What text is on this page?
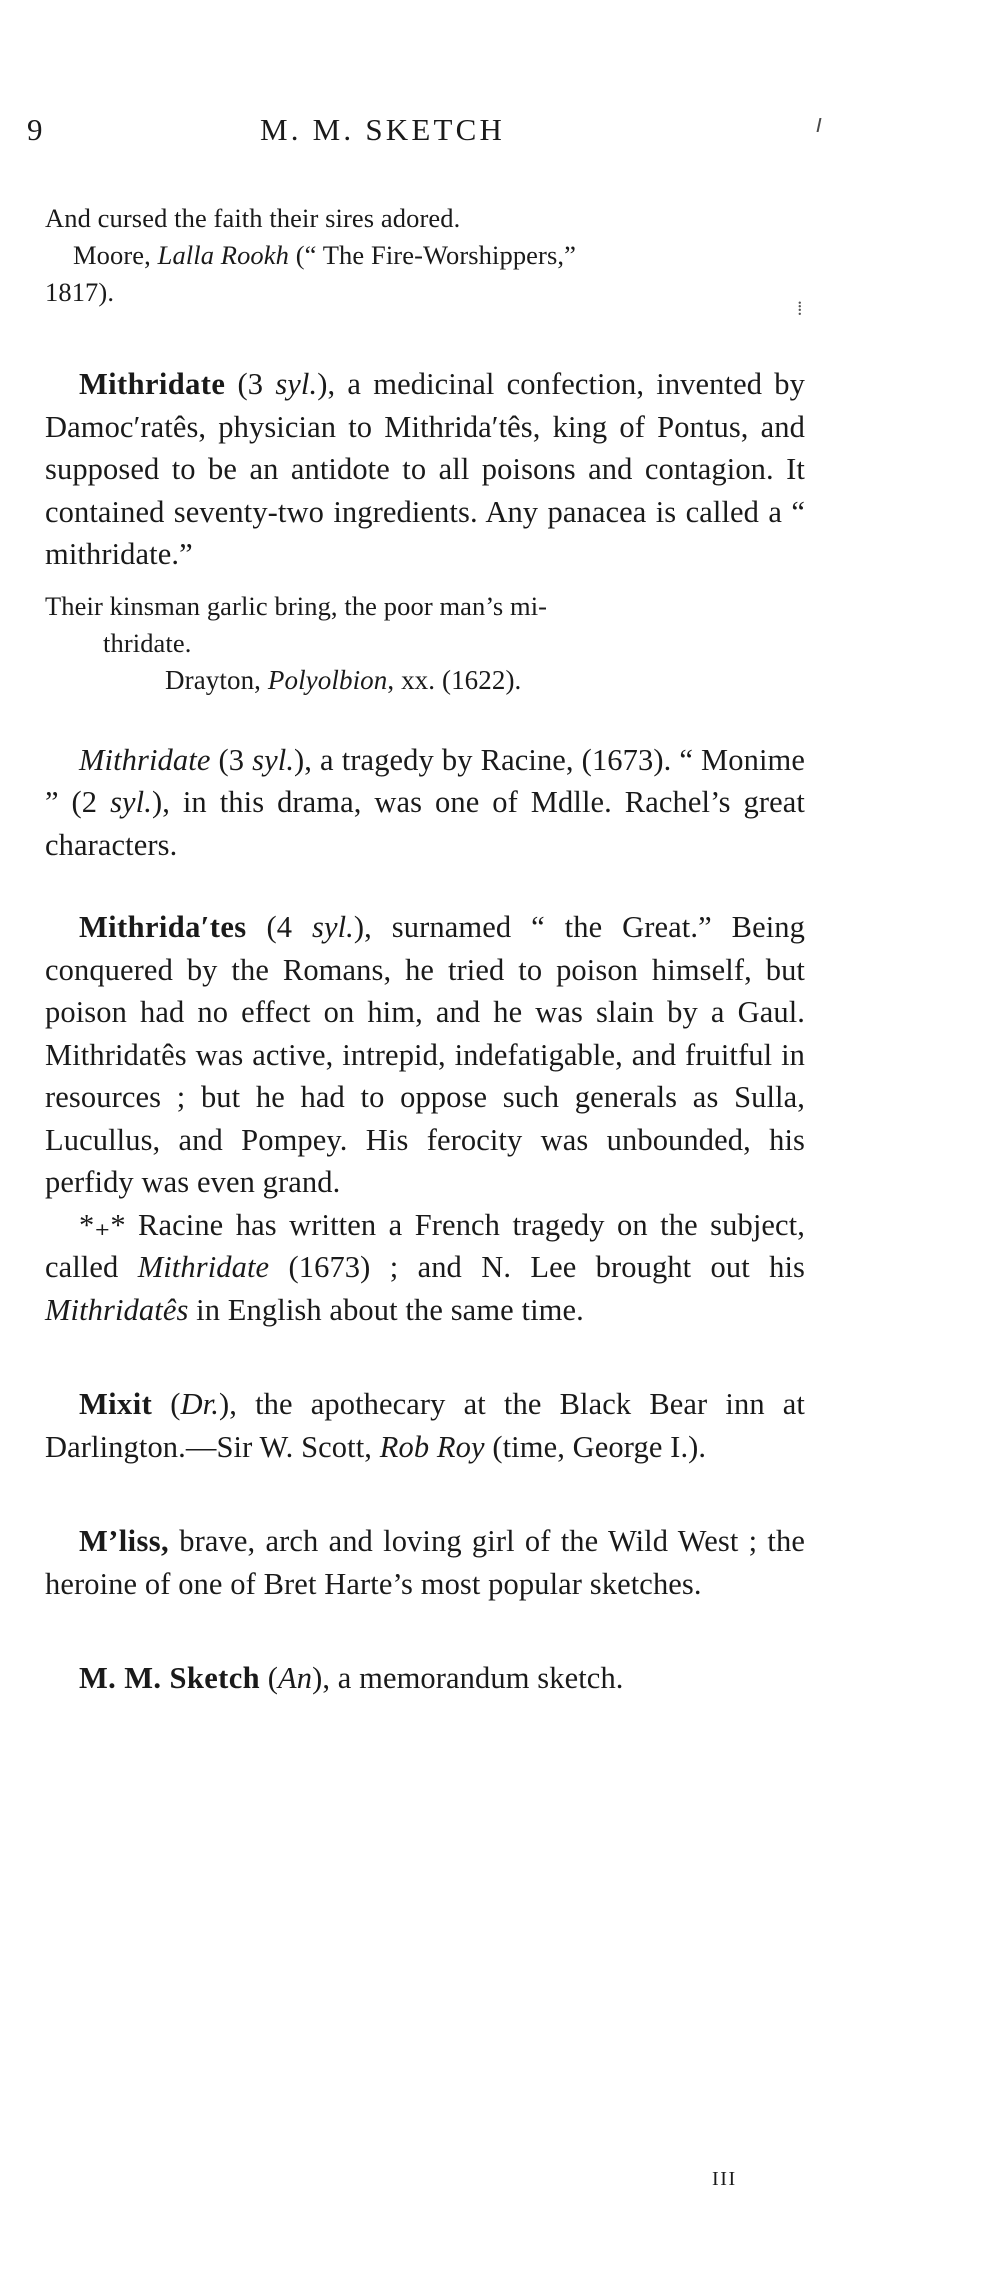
9	M. M. SKETCH
⁞

And cursed the faith their sires adored.

Moore, Lalla Rookh (“ The Fire-Worshippers,”

1817).

Mithridate (3 syl.), a medicinal confection, invented by Damoc′ratês, physician to Mithrida′tês, king of Pontus, and supposed to be an antidote to all poisons and contagion. It contained seventy-two ingredients. Any panacea is called a “ mithridate.”

Their kinsman garlic bring, the poor man’s mi-

thridate.

Drayton, Polyolbion, xx. (1622).

Mithridate (3 syl.), a tragedy by Racine, (1673). “ Monime ” (2 syl.), in this drama, was one of Mdlle. Rachel’s great characters.

Mithrida′tes (4 syl.), surnamed “ the Great.” Being conquered by the Romans, he tried to poison himself, but poison had no effect on him, and he was slain by a Gaul. Mithridatês was active, intrepid, indefatigable, and fruitful in resources ; but he had to oppose such generals as Sulla, Lucullus, and Pompey. His ferocity was unbounded, his perfidy was even grand.

*₊* Racine has written a French tragedy on the subject, called Mithridate (1673) ; and N. Lee brought out his Mithridatês in English about the same time.

Mixit (Dr.), the apothecary at the Black Bear inn at Darlington.—Sir W. Scott, Rob Roy (time, George I.).

M’liss, brave, arch and loving girl of the Wild West ; the heroine of one of Bret Harte’s most popular sketches.

M. M. Sketch (An), a memorandum sketch.

III
